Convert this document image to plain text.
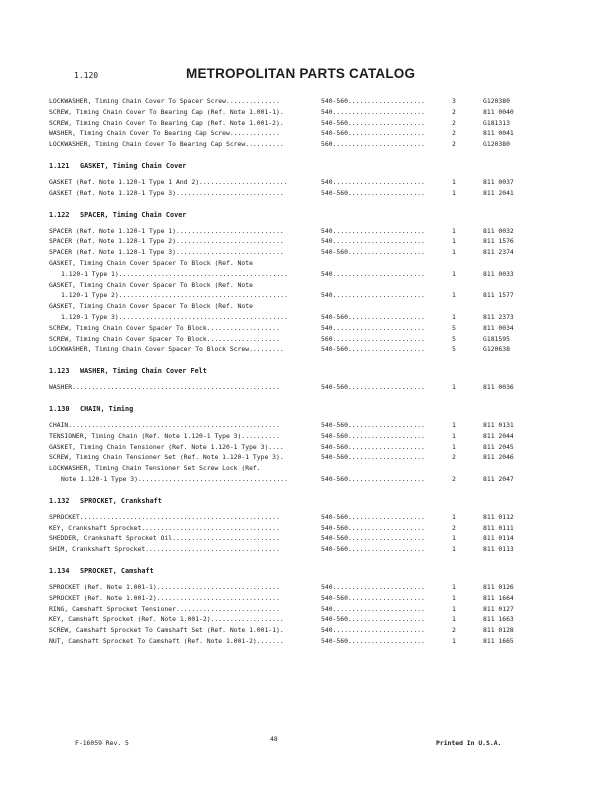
1.120	METROPOLITAN PARTS CATALOG
LOCKWASHER, Timing Chain Cover To Spacer Screw..............	540-560....................	3	G120380
SCREW, Timing Chain Cover To Bearing Cap (Ref. Note 1.001-1).	540........................	2	811 0040
SCREW, Timing Chain Cover To Bearing Cap (Ref. Note 1.001-2).	540-560....................	2	G181313
WASHER, Timing Chain Cover To Bearing Cap Screw.............	540-560....................	2	811 0041
LOCKWASHER, Timing Chain Cover To Bearing Cap Screw..........	560........................	2	G120380
1.121 GASKET, Timing Chain Cover
GASKET (Ref. Note 1.120-1 Type 1 And 2).......................	540........................	1	811 0037
GASKET (Ref. Note 1.120-1 Type 3)............................	540-560....................	1	811 2041
1.122 SPACER, Timing Chain Cover
SPACER (Ref. Note 1.120-1 Type 1)............................	540........................	1	811 0032
SPACER (Ref. Note 1.120-1 Type 2)............................	540........................	1	811 1576
SPACER (Ref. Note 1.120-1 Type 3)............................	540-560....................	1	811 2374
GASKET, Timing Chain Cover Spacer To Block (Ref. Note
1.120-1 Type 1)............................................	540........................	1	811 0033
GASKET, Timing Chain Cover Spacer To Block (Ref. Note
1.120-1 Type 2)............................................	540........................	1	811 1577
GASKET, Timing Chain Cover Spacer To Block (Ref. Note
1.120-1 Type 3)............................................	540-560....................	1	811 2373
SCREW, Timing Chain Cover Spacer To Block...................	540........................	5	811 0034
SCREW, Timing Chain Cover Spacer To Block...................	560........................	5	G181595
LOCKWASHER, Timing Chain Cover Spacer To Block Screw.........	540-560....................	5	G120638
1.123 WASHER, Timing Chain Cover Felt
WASHER......................................................	540-560....................	1	811 0036
1.130 CHAIN, Timing
CHAIN.......................................................	540-560....................	1	811 0131
TENSIONER, Timing Chain (Ref. Note 1.120-1 Type 3)..........	540-560....................	1	811 2044
GASKET, Timing Chain Tensioner (Ref. Note 1.120-1 Type 3)....	540-560....................	1	811 2045
SCREW, Timing Chain Tensioner Set (Ref. Note 1.120-1 Type 3).	540-560....................	2	811 2046
LOCKWASHER, Timing Chain Tensioner Set Screw Lock (Ref.
Note 1.120-1 Type 3).......................................	540-560....................	2	811 2047
1.132 SPROCKET, Crankshaft
SPROCKET....................................................	540-560....................	1	811 0112
KEY, Crankshaft Sprocket....................................	540-560....................	2	811 0111
SHEDDER, Crankshaft Sprocket Oil............................	540-560....................	1	811 0114
SHIM, Crankshaft Sprocket...................................	540-560....................	1	811 0113
1.134 SPROCKET, Camshaft
SPROCKET (Ref. Note 1.001-1)................................	540........................	1	811 0126
SPROCKET (Ref. Note 1.001-2)................................	540-560....................	1	811 1664
RING, Camshaft Sprocket Tensioner...........................	540........................	1	811 0127
KEY, Camshaft Sprocket (Ref. Note 1.001-2)...................	540-560....................	1	811 1663
SCREW, Camshaft Sprocket To Camshaft Set (Ref. Note 1.001-1).	540........................	2	811 0128
NUT, Camshaft Sprocket To Camshaft (Ref. Note 1.001-2).......	540-560....................	1	811 1665
F-16059 Rev. 5	48	Printed In U.S.A.
